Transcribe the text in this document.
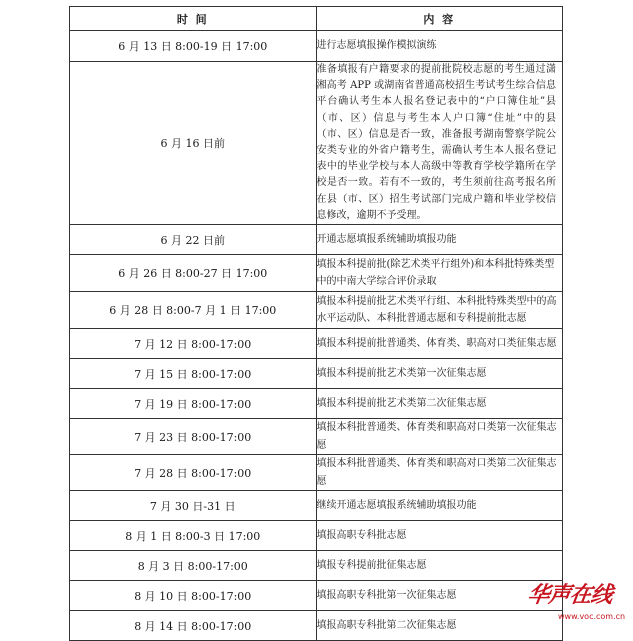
时 间	内 容
6 月 13 日 8:00-19 日 17:00	进行志愿填报操作模拟演练
6 月 16 日前	准备填报有户籍要求的提前批院校志愿的考生通过潇湘高考 APP 或湖南省普通高校招生考试考生综合信息平台确认考生本人报名登记表中的“户口簿住址”县（市、区）信息与考生本人户口簿“住址”中的县（市、区）信息是否一致，准备报考湖南警察学院公安类专业的外省户籍考生，需确认考生本人报名登记表中的毕业学校与本人高级中等教育学校学籍所在学校是否一致。若有不一致的，考生须前往高考报名所在县（市、区）招生考试部门完成户籍和毕业学校信息修改，逾期不予受理。
6 月 22 日前	开通志愿填报系统辅助填报功能
6 月 26 日 8:00-27 日 17:00	填报本科提前批(除艺术类平行组外)和本科批特殊类型中的中南大学综合评价录取
6 月 28 日 8:00-7 月 1 日 17:00	填报本科提前批艺术类平行组、本科批特殊类型中的高水平运动队、本科批普通志愿和专科提前批志愿
7 月 12 日 8:00-17:00	填报本科提前批普通类、体育类、职高对口类征集志愿
7 月 15 日 8:00-17:00	填报本科提前批艺术类第一次征集志愿
7 月 19 日 8:00-17:00	填报本科提前批艺术类第二次征集志愿
7 月 23 日 8:00-17:00	填报本科批普通类、体育类和职高对口类第一次征集志愿
7 月 28 日 8:00-17:00	填报本科批普通类、体育类和职高对口类第二次征集志愿
7 月 30 日-31 日	继续开通志愿填报系统辅助填报功能
8 月 1 日 8:00-3 日 17:00	填报高职专科批志愿
8 月 3 日 8:00-17:00	填报专科提前批征集志愿
8 月 10 日 8:00-17:00	填报高职专科批第一次征集志愿
8 月 14 日 8:00-17:00	填报高职专科批第二次征集志愿
华声在线
www.voc.com.cn
